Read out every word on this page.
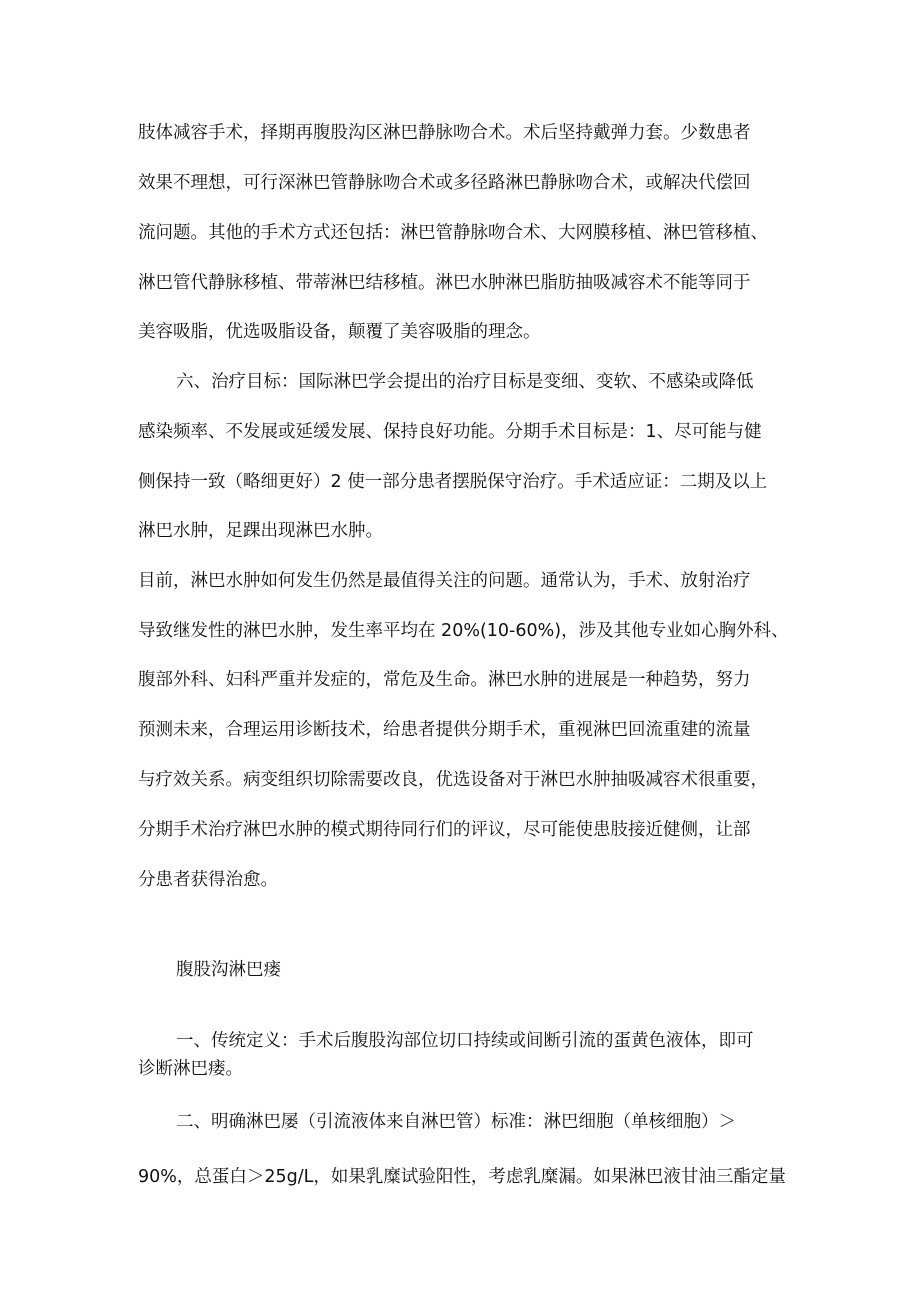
肢体减容手术，择期再腹股沟区淋巴静脉吻合术。术后坚持戴弹力套。少数患者

效果不理想，可行深淋巴管静脉吻合术或多径路淋巴静脉吻合术，或解决代偿回

流问题。其他的手术方式还包括：淋巴管静脉吻合术、大网膜移植、淋巴管移植、

淋巴管代静脉移植、带蒂淋巴结移植。淋巴水肿淋巴脂肪抽吸减容术不能等同于

美容吸脂，优选吸脂设备，颠覆了美容吸脂的理念。

六、治疗目标：国际淋巴学会提出的治疗目标是变细、变软、不感染或降低

感染频率、不发展或延缓发展、保持良好功能。分期手术目标是：1、尽可能与健

侧保持一致（略细更好）2 使一部分患者摆脱保守治疗。手术适应证：二期及以上

淋巴水肿，足踝出现淋巴水肿。

目前，淋巴水肿如何发生仍然是最值得关注的问题。通常认为，手术、放射治疗

导致继发性的淋巴水肿，发生率平均在 20%(10-60%)，涉及其他专业如心胸外科、

腹部外科、妇科严重并发症的，常危及生命。淋巴水肿的进展是一种趋势，努力

预测未来，合理运用诊断技术，给患者提供分期手术，重视淋巴回流重建的流量

与疗效关系。病变组织切除需要改良，优选设备对于淋巴水肿抽吸减容术很重要，

分期手术治疗淋巴水肿的模式期待同行们的评议，尽可能使患肢接近健侧，让部

分患者获得治愈。

腹股沟淋巴瘘

一、传统定义：手术后腹股沟部位切口持续或间断引流的蛋黄色液体，即可

诊断淋巴瘘。

二、明确淋巴屡（引流液体来自淋巴管）标准：淋巴细胞（单核细胞）＞

90%，总蛋白＞25g/L，如果乳糜试验阳性，考虑乳糜漏。如果淋巴液甘油三酯定量
